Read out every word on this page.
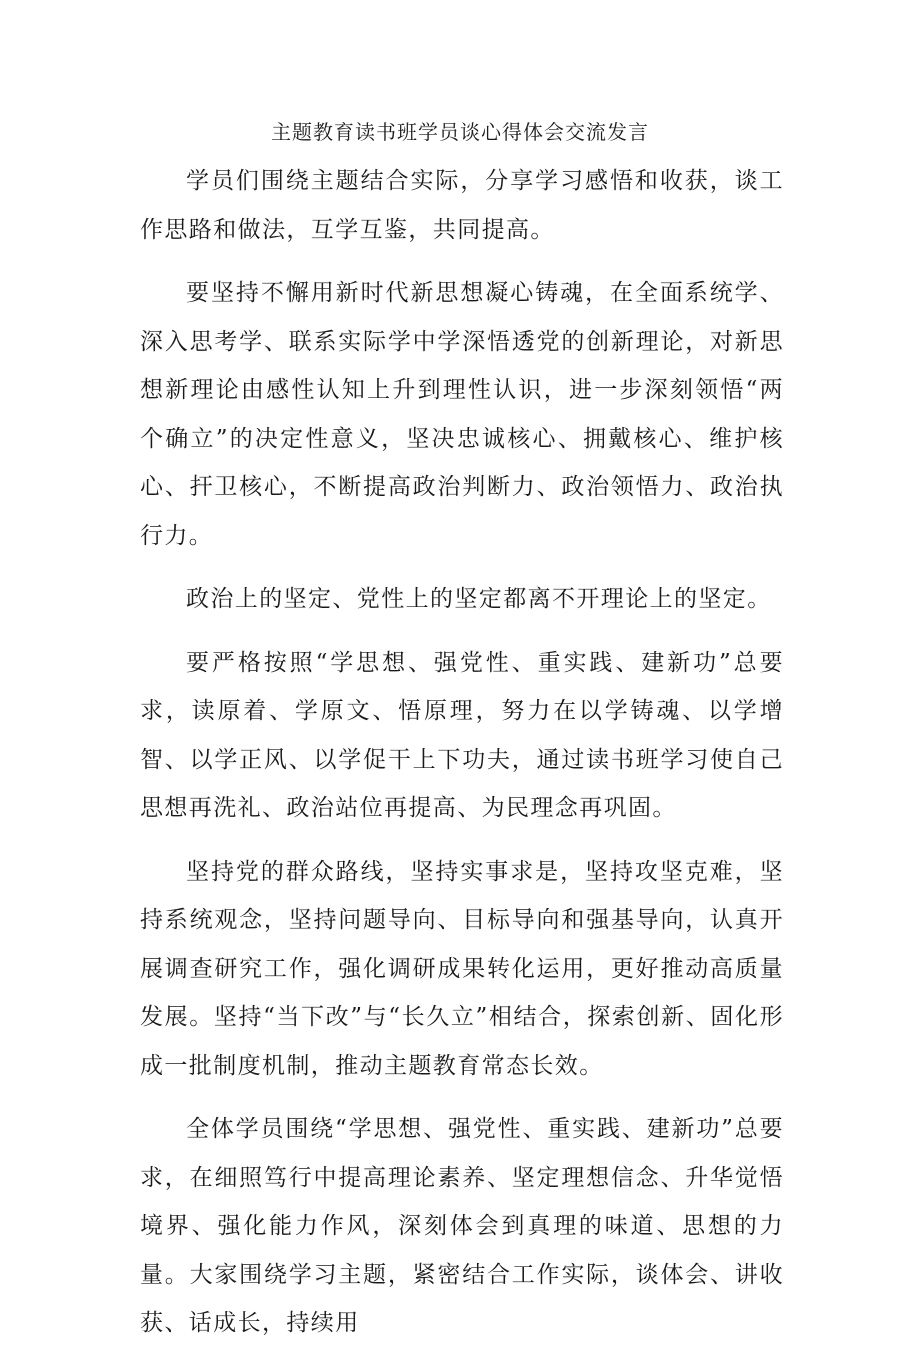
主题教育读书班学员谈心得体会交流发言

学员们围绕主题结合实际，分享学习感悟和收获，谈工作思路和做法，互学互鉴，共同提高。

要坚持不懈用新时代新思想凝心铸魂，在全面系统学、深入思考学、联系实际学中学深悟透党的创新理论，对新思想新理论由感性认知上升到理性认识，进一步深刻领悟“两个确立”的决定性意义，坚决忠诚核心、拥戴核心、维护核心、扞卫核心，不断提高政治判断力、政治领悟力、政治执行力。

政治上的坚定、党性上的坚定都离不开理论上的坚定。

要严格按照“学思想、强党性、重实践、建新功”总要求，读原着、学原文、悟原理，努力在以学铸魂、以学增智、以学正风、以学促干上下功夫，通过读书班学习使自己思想再洗礼、政治站位再提高、为民理念再巩固。

坚持党的群众路线，坚持实事求是，坚持攻坚克难，坚持系统观念，坚持问题导向、目标导向和强基导向，认真开展调查研究工作，强化调研成果转化运用，更好推动高质量发展。坚持“当下改”与“长久立”相结合，探索创新、固化形成一批制度机制，推动主题教育常态长效。

全体学员围绕“学思想、强党性、重实践、建新功”总要求，在细照笃行中提高理论素养、坚定理想信念、升华觉悟境界、强化能力作风，深刻体会到真理的味道、思想的力量。大家围绕学习主题，紧密结合工作实际，谈体会、讲收获、话成长，持续用
